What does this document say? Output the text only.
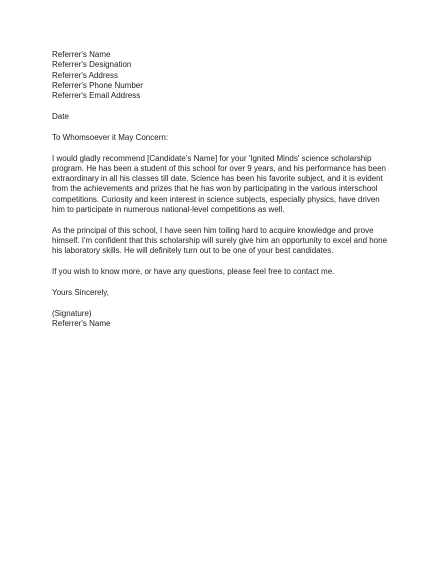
Referrer's Name
Referrer's Designation
Referrer's Address
Referrer's Phone Number
Referrer's Email Address
Date
To Whomsoever it May Concern:
I would gladly recommend [Candidate's Name] for your 'Ignited Minds' science scholarship
program. He has been a student of this school for over 9 years, and his performance has been
extraordinary in all his classes till date. Science has been his favorite subject, and it is evident
from the achievements and prizes that he has won by participating in the various interschool
competitions. Curiosity and keen interest in science subjects, especially physics, have driven
him to participate in numerous national-level competitions as well.
As the principal of this school, I have seen him toiling hard to acquire knowledge and prove
himself. I'm confident that this scholarship will surely give him an opportunity to excel and hone
his laboratory skills. He will definitely turn out to be one of your best candidates.
If you wish to know more, or have any questions, please feel free to contact me.
Yours Sincerely,
(Signature)
Referrer's Name
